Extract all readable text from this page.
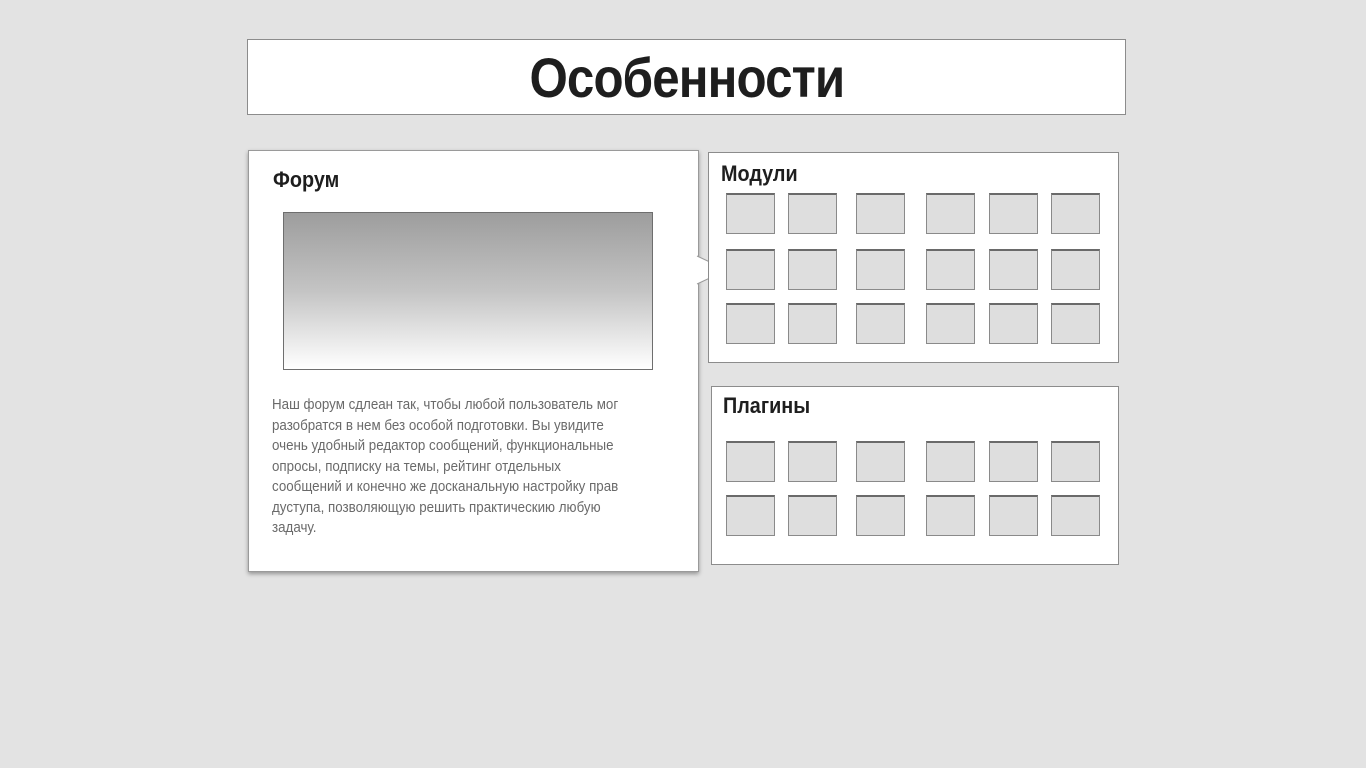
Особенности
Форум
Наш форум сдлеан так, чтобы любой пользователь мог
разобратся в нем без особой подготовки. Вы увидите
очень удобный редактор сообщений, функциональные
опросы, подписку на темы, рейтинг отдельных
сообщений и конечно же досканальную настройку прав
дуступа, позволяющую решить практическию любую
задачу.
Модули
Плагины
